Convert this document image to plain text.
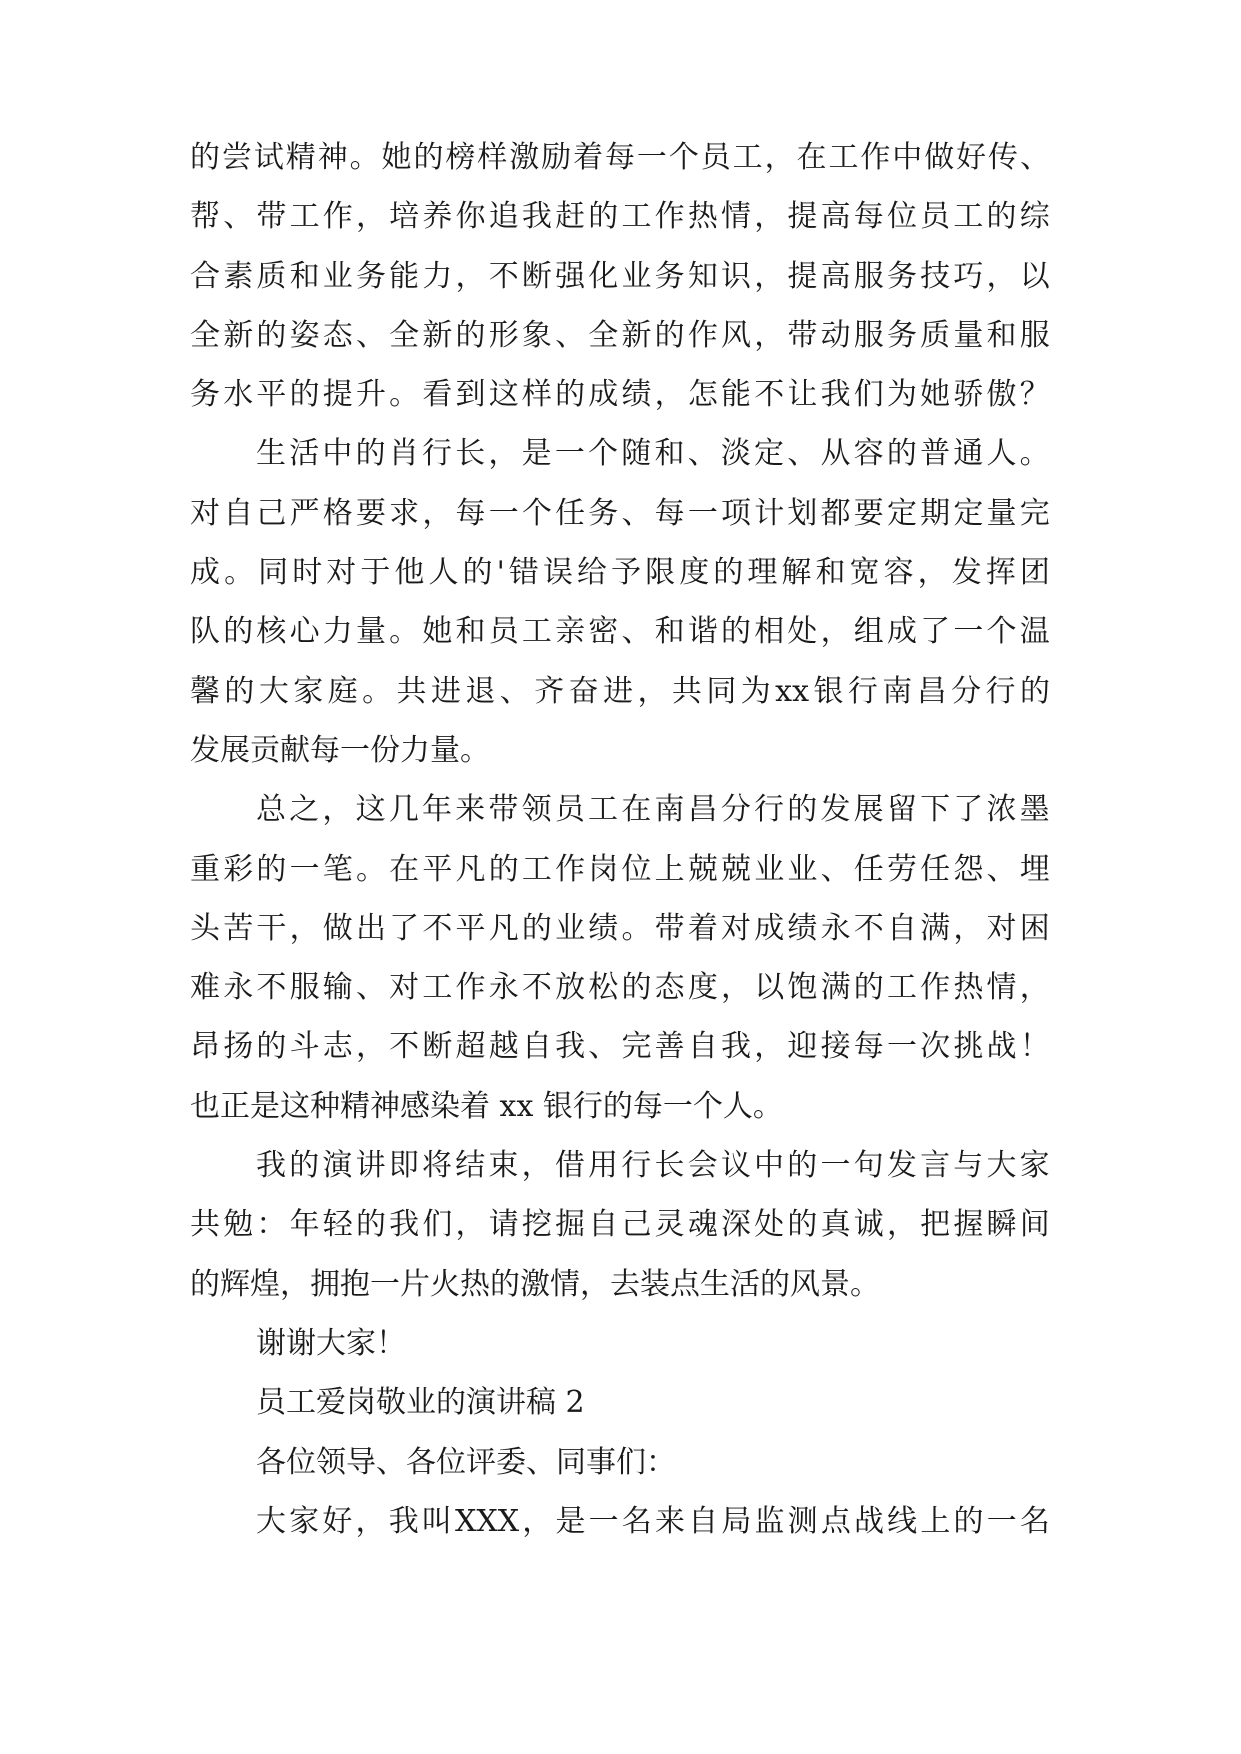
的 尝 试 精 神 。 她 的 榜 样 激 励 着 每 一 个 员 工 ， 在 工 作 中 做 好 传 、
帮 、 带 工 作 ， 培 养 你 追 我 赶 的 工 作 热 情 ， 提 高 每 位 员 工 的 综
合 素 质 和 业 务 能 力 ， 不 断 强 化 业 务 知 识 ， 提 高 服 务 技 巧 ， 以
全 新 的 姿 态 、 全 新 的 形 象 、 全 新 的 作 风 ， 带 动 服 务 质 量 和 服
务 水 平 的 提 升 。 看 到 这 样 的 成 绩 ， 怎 能 不 让 我 们 为 她 骄 傲 ？
生 活 中 的 肖 行 长 ， 是 一 个 随 和 、 淡 定 、 从 容 的 普 通 人 。
对 自 己 严 格 要 求 ， 每 一 个 任 务 、 每 一 项 计 划 都 要 定 期 定 量 完
成 。 同 时 对 于 他 人 的 ' 错 误 给 予 限 度 的 理 解 和 宽 容 ， 发 挥 团
队 的 核 心 力 量 。 她 和 员 工 亲 密 、 和 谐 的 相 处 ， 组 成 了 一 个 温
馨 的 大 家 庭 。 共 进 退 、 齐 奋 进 ， 共 同 为 xx 银 行 南 昌 分 行 的
发展贡献每一份力量。
总 之 ， 这 几 年 来 带 领 员 工 在 南 昌 分 行 的 发 展 留 下 了 浓 墨
重 彩 的 一 笔 。 在 平 凡 的 工 作 岗 位 上 兢 兢 业 业 、 任 劳 任 怨 、 埋
头 苦 干 ， 做 出 了 不 平 凡 的 业 绩 。 带 着 对 成 绩 永 不 自 满 ， 对 困
难 永 不 服 输 、 对 工 作 永 不 放 松 的 态 度 ， 以 饱 满 的 工 作 热 情 ，
昂 扬 的 斗 志 ， 不 断 超 越 自 我 、 完 善 自 我 ， 迎 接 每 一 次 挑 战 ！
也正是这种精神感染着 xx 银行的每一个人。
我 的 演 讲 即 将 结 束 ， 借 用 行 长 会 议 中 的 一 句 发 言 与 大 家
共 勉 ： 年 轻 的 我 们 ， 请 挖 掘 自 己 灵 魂 深 处 的 真 诚 ， 把 握 瞬 间
的辉煌，拥抱一片火热的激情，去装点生活的风景。
谢谢大家！
员工爱岗敬业的演讲稿 2
各位领导、各位评委、同事们：
大 家 好 ， 我 叫 XXX ， 是 一 名 来 自 局 监 测 点 战 线 上 的 一 名
